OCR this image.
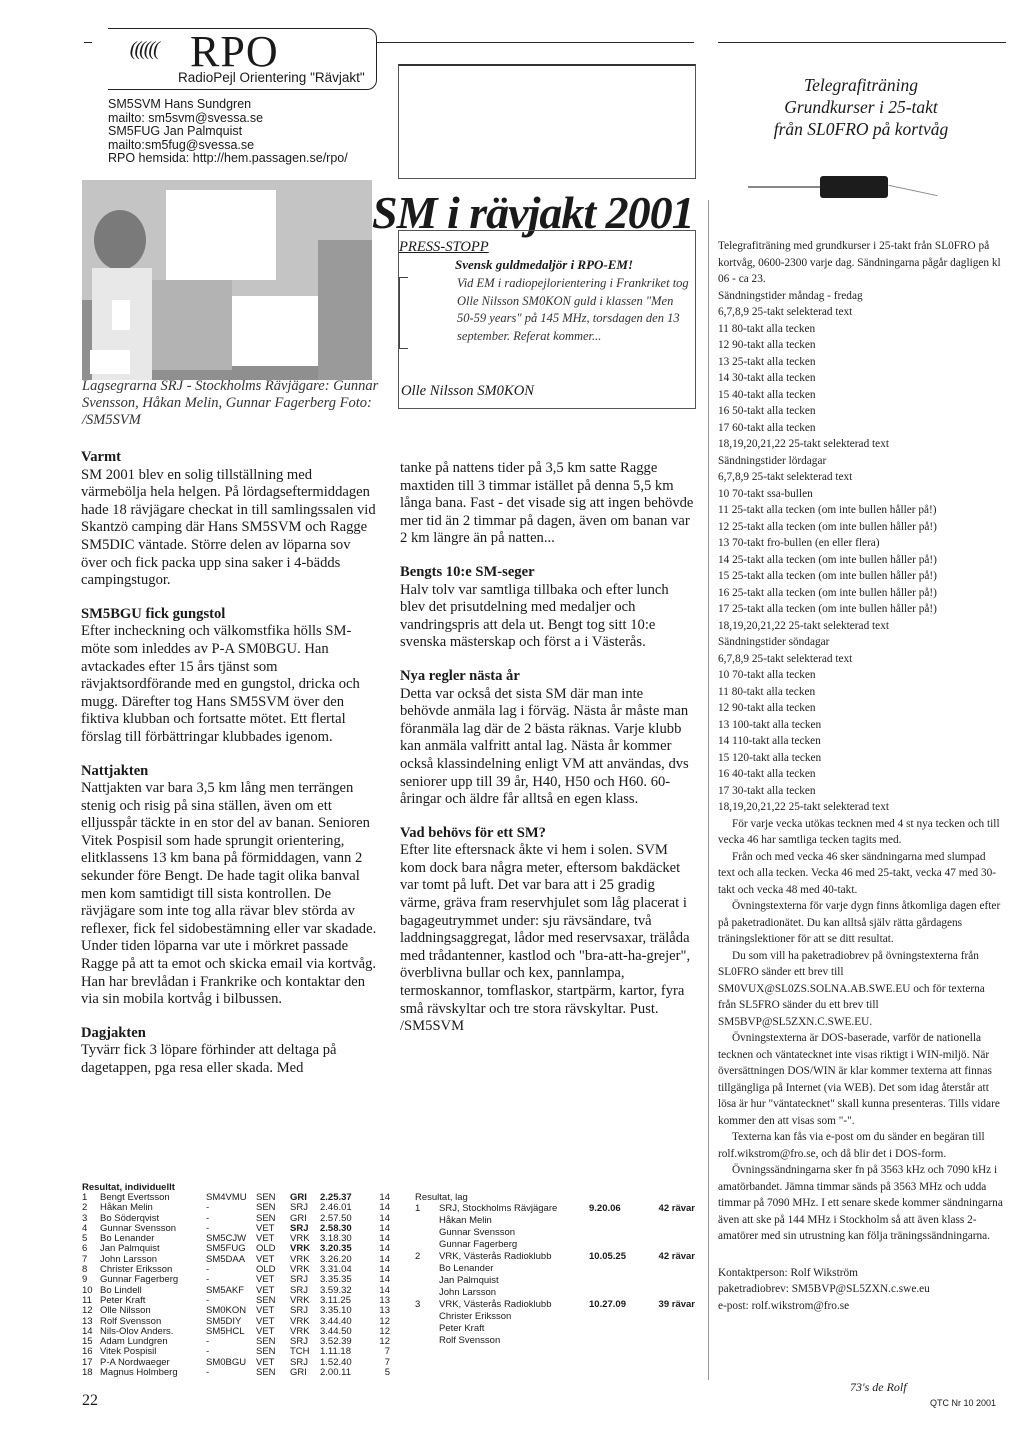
(((((( RPO
RadioPejl Orientering "Rävjakt"
SM5SVM Hans Sundgren
mailto: sm5svm@svessa.se
SM5FUG Jan Palmquist
mailto:sm5fug@svessa.se
RPO hemsida: http://hem.passagen.se/rpo/
Lagsegrarna SRJ - Stockholms Rävjägare: Gunnar Svensson, Håkan Melin, Gunnar Fagerberg Foto: /SM5SVM
SM i rävjakt 2001
PRESS-STOPP
Svensk guldmedaljör i RPO-EM!
Vid EM i radiopejlorientering i Frankriket tog Olle Nilsson SM0KON guld i klassen "Men 50-59 years" på 145 MHz, torsdagen den 13 september. Referat kommer...
Olle Nilsson SM0KON
Varmt

SM 2001 blev en solig tillställning med värmebölja hela helgen. På lördagseftermiddagen hade 18 rävjägare checkat in till samlingssalen vid Skantzö camping där Hans SM5SVM och Ragge SM5DIC väntade. Större delen av löparna sov över och fick packa upp sina saker i 4-bädds campingstugor.

SM5BGU fick gungstol

Efter incheckning och välkomstfika hölls SM-möte som inleddes av P-A SM0BGU. Han avtackades efter 15 års tjänst som rävjaktsordförande med en gungstol, dricka och mugg. Därefter tog Hans SM5SVM över den fiktiva klubban och fortsatte mötet. Ett flertal förslag till förbättringar klubbades igenom.

Nattjakten

Nattjakten var bara 3,5 km lång men terrängen stenig och risig på sina ställen, även om ett elljusspår täckte in en stor del av banan. Senioren Vitek Pospisil som hade sprungit orientering, elitklassens 13 km bana på förmiddagen, vann 2 sekunder före Bengt. De hade tagit olika banval men kom samtidigt till sista kontrollen. De rävjägare som inte tog alla rävar blev störda av reflexer, fick fel sidobestämning eller var skadade. Under tiden löparna var ute i mörkret passade Ragge på att ta emot och skicka email via kortvåg. Han har brevlådan i Frankrike och kontaktar den via sin mobila kortvåg i bilbussen.

Dagjakten

Tyvärr fick 3 löpare förhinder att deltaga på dagetappen, pga resa eller skada. Med

tanke på nattens tider på 3,5 km satte Ragge maxtiden till 3 timmar istället på denna 5,5 km långa bana. Fast - det visade sig att ingen behövde mer tid än 2 timmar på dagen, även om banan var 2 km längre än på natten...

Bengts 10:e SM-seger

Halv tolv var samtliga tillbaka och efter lunch blev det prisutdelning med medaljer och vandringspris att dela ut. Bengt tog sitt 10:e svenska mästerskap och först a i Västerås.

Nya regler nästa år

Detta var också det sista SM där man inte behövde anmäla lag i förväg. Nästa år måste man föranmäla lag där de 2 bästa räknas. Varje klubb kan anmäla valfritt antal lag. Nästa år kommer också klassindelning enligt VM att användas, dvs seniorer upp till 39 år, H40, H50 och H60. 60-åringar och äldre får alltså en egen klass.

Vad behövs för ett SM?

Efter lite eftersnack åkte vi hem i solen. SVM kom dock bara några meter, eftersom bakdäcket var tomt på luft. Det var bara att i 25 gradig värme, gräva fram reservhjulet som låg placerat i bagageutrymmet under: sju rävsändare, två laddningsaggregat, lådor med reservsaxar, trälåda med trådantenner, kastlod och "bra-att-ha-grejer", överblivna bullar och kex, pannlampa, termoskannor, tomflaskor, startpärm, kartor, fyra små rävskyltar och tre stora rävskyltar. Pust. /SM5SVM

Telegrafiträning
Grundkurser i 25-takt
från SL0FRO på kortvåg
Telegrafiträning med grundkurser i 25-takt från SL0FRO på kortvåg, 0600-2300 varje dag. Sändningarna pågår dagligen kl 06 - ca 23.
Sändningstider måndag - fredag
6,7,8,9 25-takt selekterad text
11 80-takt alla tecken
12 90-takt alla tecken
13 25-takt alla tecken
14 30-takt alla tecken
15 40-takt alla tecken
16 50-takt alla tecken
17 60-takt alla tecken
18,19,20,21,22 25-takt selekterad text
Sändningstider lördagar
6,7,8,9 25-takt selekterad text
10 70-takt ssa-bullen
11 25-takt alla tecken (om inte bullen håller på!)
12 25-takt alla tecken (om inte bullen håller på!)
13 70-takt fro-bullen (en eller flera)
14 25-takt alla tecken (om inte bullen håller på!)
15 25-takt alla tecken (om inte bullen håller på!)
16 25-takt alla tecken (om inte bullen håller på!)
17 25-takt alla tecken (om inte bullen håller på!)
18,19,20,21,22 25-takt selekterad text
Sändningstider söndagar
6,7,8,9 25-takt selekterad text
10 70-takt alla tecken
11 80-takt alla tecken
12 90-takt alla tecken
13 100-takt alla tecken
14 110-takt alla tecken
15 120-takt alla tecken
16 40-takt alla tecken
17 30-takt alla tecken
18,19,20,21,22 25-takt selekterad text
För varje vecka utökas tecknen med 4 st nya tecken och till vecka 46 har samtliga tecken tagits med.
Från och med vecka 46 sker sändningarna med slumpad text och alla tecken. Vecka 46 med 25-takt, vecka 47 med 30-takt och vecka 48 med 40-takt.
Övningstexterna för varje dygn finns åtkomliga dagen efter på paketradionätet. Du kan alltså själv rätta gårdagens träningslektioner för att se ditt resultat.
Du som vill ha paketradiobrev på övningstexterna från SL0FRO sänder ett brev till SM0VUX@SL0ZS.SOLNA.AB.SWE.EU och för texterna från SL5FRO sänder du ett brev till SM5BVP@SL5ZXN.C.SWE.EU.
Övningstexterna är DOS-baserade, varför de nationella tecknen och väntatecknet inte visas riktigt i WIN-miljö. När översättningen DOS/WIN är klar kommer texterna att finnas tillgängliga på Internet (via WEB). Det som idag återstår att lösa är hur "väntatecknet" skall kunna presenteras. Tills vidare kommer den att visas som "-".
Texterna kan fås via e-post om du sänder en begäran till rolf.wikstrom@fro.se, och då blir det i DOS-form.
Övningssändningarna sker fn på 3563 kHz och 7090 kHz i amatörbandet. Jämna timmar sänds på 3563 MHz och udda timmar på 7090 MHz. I ett senare skede kommer sändningarna även att ske på 144 MHz i Stockholm så att även klass 2-amatörer med sin utrustning kan följa träningssändningarna.
Kontaktperson: Rolf Wikström
paketradiobrev: SM5BVP@SL5ZXN.c.swe.eu
e-post: rolf.wikstrom@fro.se
73's de Rolf
Resultat, individuellt
1	Bengt Evertsson	SM4VMU	SEN	GRI	2.25.37	14
2	Håkan Melin	-	SEN	SRJ	2.46.01	14
3	Bo Söderqvist	-	SEN	GRI	2.57.50	14
4	Gunnar Svensson	-	VET	SRJ	2.58.30	14
5	Bo Lenander	SM5CJW	VET	VRK	3.18.30	14
6	Jan Palmquist	SM5FUG	OLD	VRK	3.20.35	14
7	John Larsson	SM5DAA	VET	VRK	3.26.20	14
8	Christer Eriksson	-	OLD	VRK	3.31.04	14
9	Gunnar Fagerberg	-	VET	SRJ	3.35.35	14
10	Bo Lindell	SM5AKF	VET	SRJ	3.59.32	14
11	Peter Kraft	-	SEN	VRK	3.11.25	13
12	Olle Nilsson	SM0KON	VET	SRJ	3.35.10	13
13	Rolf Svensson	SM5DIY	VET	VRK	3.44.40	12
14	Nils-Olov Anders.	SM5HCL	VET	VRK	3.44.50	12
15	Adam Lundgren	-	SEN	SRJ	3.52.39	12
16	Vitek Pospisil	-	SEN	TCH	1.11.18	7
17	P-A Nordwaeger	SM0BGU	VET	SRJ	1.52.40	7
18	Magnus Holmberg	-	SEN	GRI	2.00.11	5
Resultat, lag
1	SRJ, Stockholms Rävjägare	9.20.06	42 rävar
	Håkan Melin		
	Gunnar Svensson		
	Gunnar Fagerberg		
2	VRK, Västerås Radioklubb	10.05.25	42 rävar
	Bo Lenander		
	Jan Palmquist		
	John Larsson		
3	VRK, Västerås Radioklubb	10.27.09	39 rävar
	Christer Eriksson		
	Peter Kraft		
	Rolf Svensson		
22	QTC Nr 10 2001
